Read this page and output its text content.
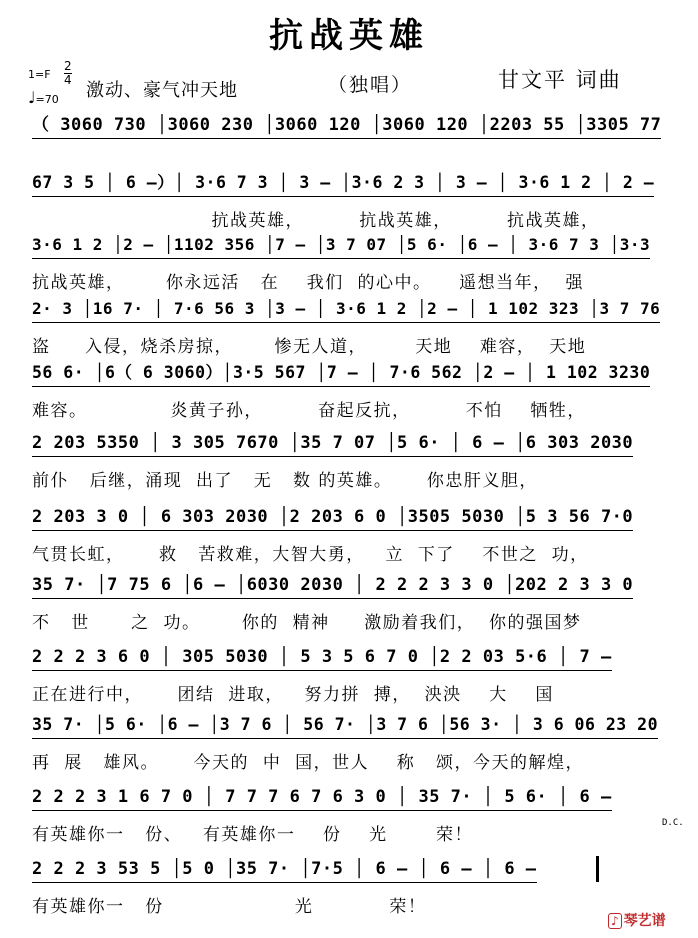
抗战英雄
（独唱）	甘文平 词曲
1=F
2
4
♩=70 激动、豪气冲天地
（ 3060 730 │3060 230 │3060 120 │3060 120 │2203 55 │3305 77
67 3 5 │ 6 –）│ 3·6 7 3 │ 3 – │3·6 2 3 │ 3 – │ 3·6 1 2 │ 2 –
抗战英雄，        抗战英雄，        抗战英雄，
3·6 1 2 │2 – │1102 356 │7 – │3 7 07 │5 6· │6 – │ 3·6 7 3 │3·3
抗战英雄，      你永远活   在    我们  的心中。    遥想当年，  强
2· 3 │16 7· │ 7·6 56 3 │3 – │ 3·6 1 2 │2 – │ 1 102 323 │3 7 76
盗     入侵，烧杀房掠，      惨无人道，       天地    难容，  天地
56 6· │6（ 6 3060）│3·5 567 │7 – │ 7·6 562 │2 – │ 1 102 3230
难容。            炎黄子孙，        奋起反抗，        不怕    牺牲，
2 203 5350 │ 3 305 7670 │35 7 07 │5 6· │ 6 – │6 303 2030
前仆   后继，涌现  出了   无   数 的英雄。     你忠肝义胆，
2 203 3 0 │ 6 303 2030 │2 203 6 0 │3505 5030 │5 3 56 7·0
气贯长虹，     救   苦救难，大智大勇，   立  下了    不世之  功，
35 7· │7 75 6 │6 – │6030 2030 │ 2 2 2 3 3 0 │202 2 3 3 0
不   世      之  功。      你的  精神     激励着我们，  你的强国梦
2 2 2 3 6 0 │ 305 5030 │ 5 3 5 6 7 0 │2 2 03 5·6 │ 7 –
正在进行中，     团结  进取，   努力拼  搏，  泱泱    大    国
35 7· │5 6· │6 – │3 7 6 │ 56 7· │3 7 6 │56 3· │ 3 6 06 23 20
再  展   雄风。     今天的  中  国，世人    称   颂，今天的解煌，
2 2 2 3 1 6 7 0 │ 7 7 7 6 7 6 3 0 │ 35 7· │ 5 6· │ 6 –
有英雄你一   份、   有英雄你一    份    光       荣！
2 2 2 3 53 5 │5 0 │35 7· │7·5 │ 6 – │ 6 – │ 6 –
有英雄你一   份                   光           荣！
D.C.
♪ 琴艺谱
